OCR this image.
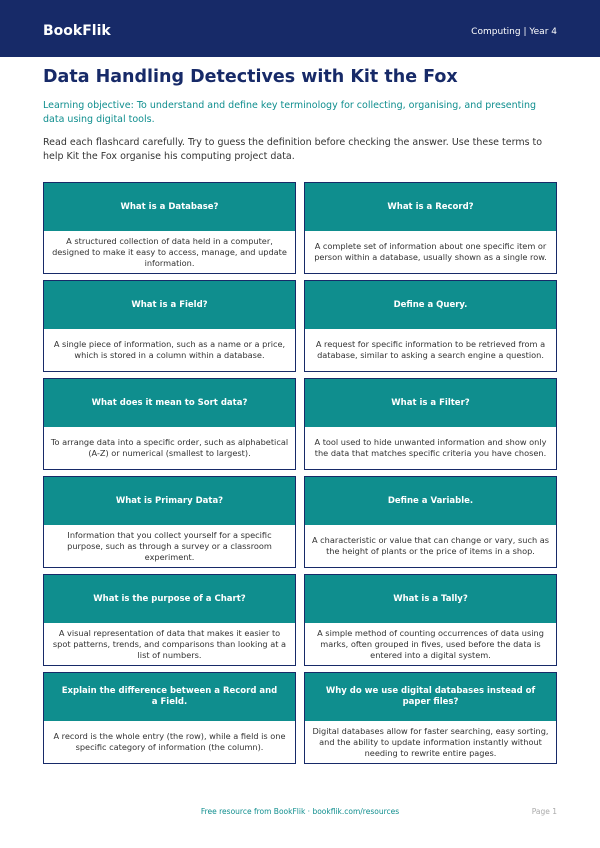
BookFlik	Computing | Year 4
Data Handling Detectives with Kit the Fox

Learning objective: To understand and define key terminology for collecting, organising, and presenting data using digital tools.

Read each flashcard carefully. Try to guess the definition before checking the answer. Use these terms to help Kit the Fox organise his computing project data.

What is a Database?
A structured collection of data held in a computer, designed to make it easy to access, manage, and update information.
What is a Record?
A complete set of information about one specific item or person within a database, usually shown as a single row.
What is a Field?
A single piece of information, such as a name or a price, which is stored in a column within a database.
Define a Query.
A request for specific information to be retrieved from a database, similar to asking a search engine a question.
What does it mean to Sort data?
To arrange data into a specific order, such as alphabetical (A-Z) or numerical (smallest to largest).
What is a Filter?
A tool used to hide unwanted information and show only the data that matches specific criteria you have chosen.
What is Primary Data?
Information that you collect yourself for a specific purpose, such as through a survey or a classroom experiment.
Define a Variable.
A characteristic or value that can change or vary, such as the height of plants or the price of items in a shop.
What is the purpose of a Chart?
A visual representation of data that makes it easier to spot patterns, trends, and comparisons than looking at a list of numbers.
What is a Tally?
A simple method of counting occurrences of data using marks, often grouped in fives, used before the data is entered into a digital system.
Explain the difference between a Record and a Field.
A record is the whole entry (the row), while a field is one specific category of information (the column).
Why do we use digital databases instead of paper files?
Digital databases allow for faster searching, easy sorting, and the ability to update information instantly without needing to rewrite entire pages.
Free resource from BookFlik · bookflik.com/resources	Page 1
